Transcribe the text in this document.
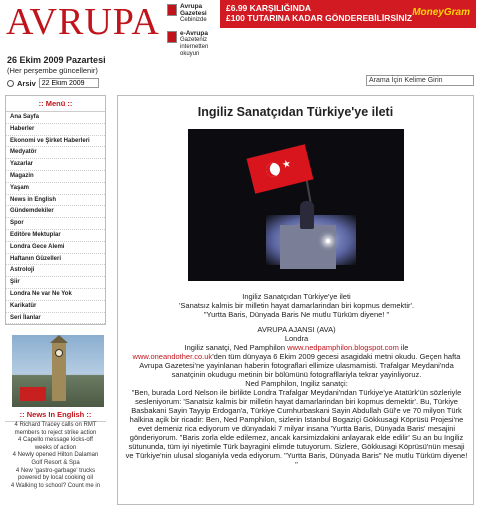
AVRUPA	Avrupa Gazetesi
Cebinizde
e-Avrupa
Gazeteniz internetten okuyun
£6.99 KARŞILIĞINDA
£100 TUTARINA KADAR GÖNDEREBİLİRSİNİZ MoneyGram
26 Ekim 2009 Pazartesi
(Her perşembe güncellenir)
Arsiv
22 Ekim 2009	Arama İçin Kelime Girin
:: Menü ::
Ana Sayfa
Haberler
Ekonomi ve Şirket Haberleri
Medyatör
Yazarlar
Magazin
Yaşam
News in English
Gündemdekiler
Spor
Editöre Mektuplar
Londra Gece Alemi
Haftanın Güzelleri
Astroloji
Şiir
Londra Ne var Ne Yok
Karikatür
Seri İlanlar
:: News In English ::
4 Richard Tracey calls on RMT members to reject strike action
4 Capello message kicks-off weeks of action
4 Newly opened Hilton Dalaman Golf Resort & Spa
4 New 'gastro-garbage' trucks powered by local cooking oil
4 Walking to school? Count me in
Ingiliz Sanatçıdan Türkiye'ye ileti
★

Ingiliz Sanatçıdan Türkiye'ye ileti

'Sanatsız kalmis bir milletin hayat damarlarindan biri kopmus demektir'.

"Yurtta Baris, Dünyada Baris Ne mutlu Türküm diyene! "

AVRUPA AJANSI (AVA)

Londra

Ingiliz sanatçi, Ned Pamphilon www.nedpamphilon.blogspot.com ile

www.oneandother.co.uk'den tüm dünyaya 6 Ekim 2009 gecesi asagidaki metni okudu. Geçen hafta Avrupa Gazetesi'ne yayinlanan haberin fotograflari ellimize ulasmamisti. Trafalgar Meydani'nda sanatçinin okudugu metinin bir bölümünü fotografllariyla tekrar yayinliyoruz.

Ned Pamphilon, Ingiliz sanatçi:

"Ben, burada Lord Nelson ile birlikte Londra Trafalgar Meydani'ndan Türkiye'ye Atatürk'ün sözleriyle sesleniyorum: 'Sanatsiz kalmis bir milletin hayat damarlarindan biri kopmus demektir'. Bu, Türkiye Basbakani Sayin Tayyip Erdogan'a, Türkiye Cumhurbaskani Sayin Abdullah Gül'e ve 70 milyon Türk halkina açik bir ricadir: Ben, Ned Pamphilon, sizlerin Istanbul Bogaziçi Gökkusagi Köprüsü Projesi'ne evet demeniz rica ediyorum ve dünyadaki 7 milyar insana 'Yurtta Baris, Dünyada Baris' mesajini gönderiyorum. "Baris zorla elde edilemez, ancak karsimizdakini anlayarak elde edilir' Su an bu Ingiliz sütununda, tüm iyi niyetimle Türk bayragini elimde tutuyorum. Sizlere, Gökkusagi Köprüsü'nün mesaji ve Türkiye'nin ulusal sloganiyla veda ediyorum. "Yurtta Baris, Dünyada Baris" Ne mutlu Türküm diyene! "
